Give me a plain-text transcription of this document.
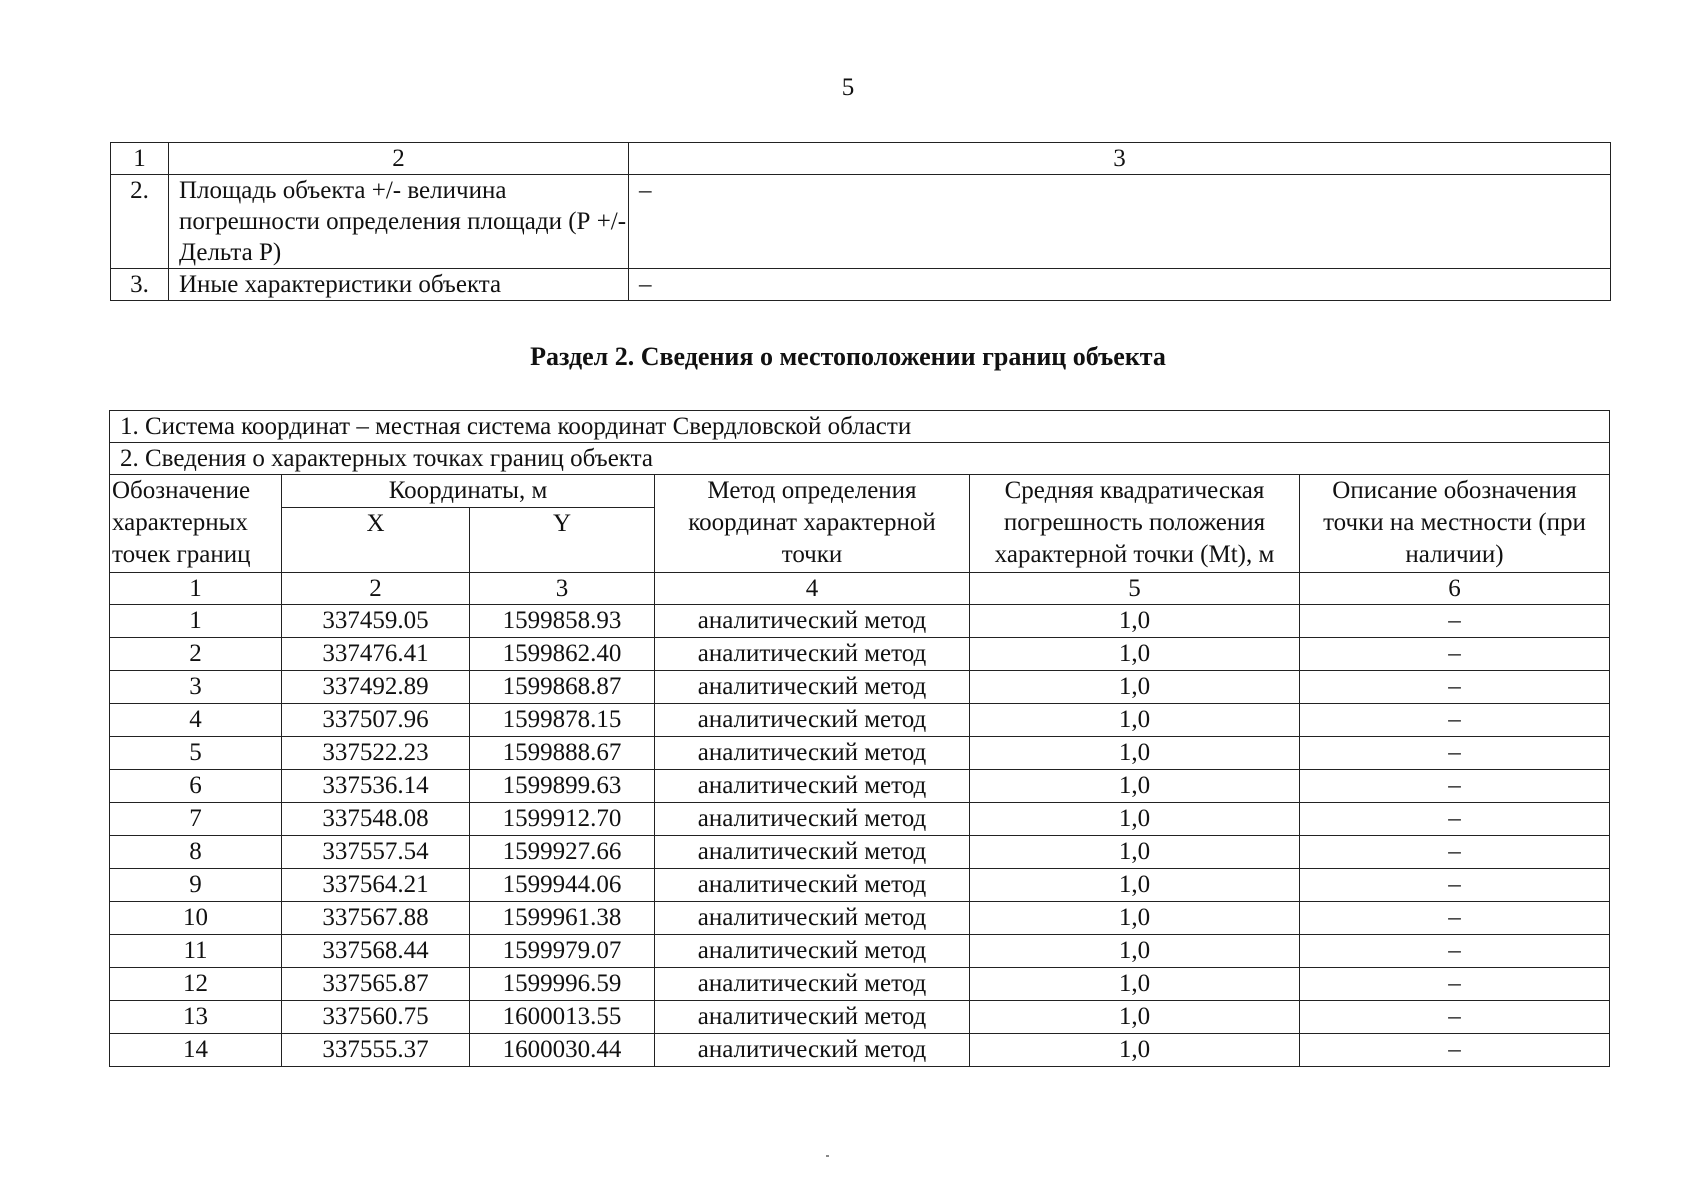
5
1	2	3
2.	Площадь объекта +/- величина погрешности определения площади (Р +/- Дельта Р)	–
3.	Иные характеристики объекта	–
Раздел 2. Сведения о местоположении границ объекта
1. Система координат – местная система координат Свердловской области					
2. Сведения о характерных точках границ объекта					
Обозначение характерных точек границ	Координаты, м		Метод определения координат характерной точки	Средняя квадратическая погрешность положения характерной точки (Mt), м	Описание обозначения точки на местности (при наличии)
	X	Y			
1	2	3	4	5	6
1	337459.05	1599858.93	аналитический метод	1,0	–
2	337476.41	1599862.40	аналитический метод	1,0	–
3	337492.89	1599868.87	аналитический метод	1,0	–
4	337507.96	1599878.15	аналитический метод	1,0	–
5	337522.23	1599888.67	аналитический метод	1,0	–
6	337536.14	1599899.63	аналитический метод	1,0	–
7	337548.08	1599912.70	аналитический метод	1,0	–
8	337557.54	1599927.66	аналитический метод	1,0	–
9	337564.21	1599944.06	аналитический метод	1,0	–
10	337567.88	1599961.38	аналитический метод	1,0	–
11	337568.44	1599979.07	аналитический метод	1,0	–
12	337565.87	1599996.59	аналитический метод	1,0	–
13	337560.75	1600013.55	аналитический метод	1,0	–
14	337555.37	1600030.44	аналитический метод	1,0	–
